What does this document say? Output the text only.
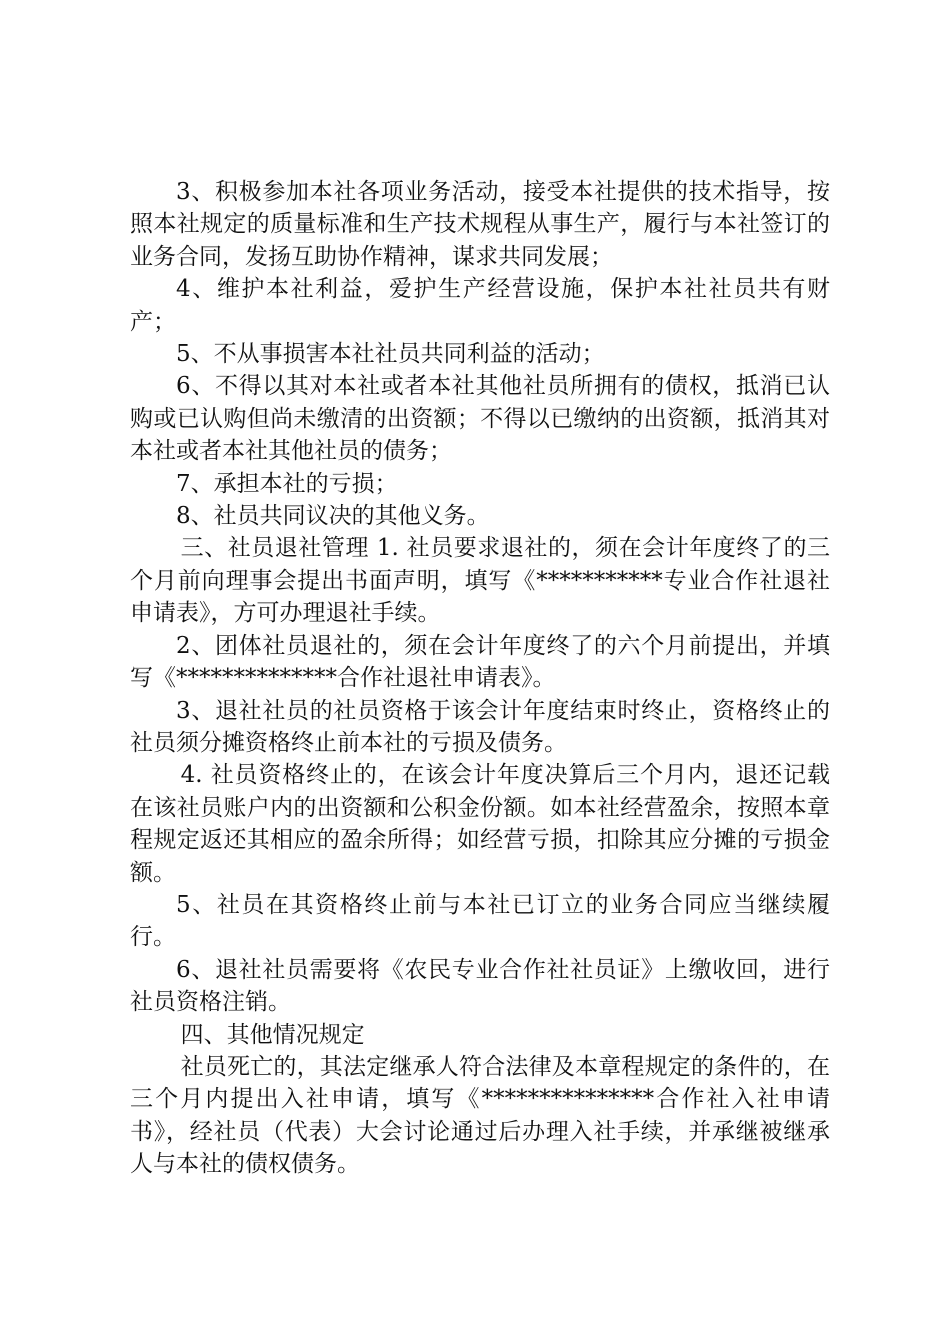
3、积极参加本社各项业务活动，接受本社提供的技术指导，按照本社规定的质量标准和生产技术规程从事生产，履行与本社签订的业务合同，发扬互助协作精神，谋求共同发展；

4、维护本社利益，爱护生产经营设施，保护本社社员共有财产；

5、不从事损害本社社员共同利益的活动；

6、不得以其对本社或者本社其他社员所拥有的债权，抵消已认购或已认购但尚未缴清的出资额；不得以已缴纳的出资额，抵消其对本社或者本社其他社员的债务；

7、承担本社的亏损；

8、社员共同议决的其他义务。

三、社员退社管理 1. 社员要求退社的，须在会计年度终了的三个月前向理事会提出书面声明，填写《***********专业合作社退社申请表》，方可办理退社手续。

2、团体社员退社的，须在会计年度终了的六个月前提出，并填写《**************合作社退社申请表》。

3、退社社员的社员资格于该会计年度结束时终止，资格终止的社员须分摊资格终止前本社的亏损及债务。

4. 社员资格终止的，在该会计年度决算后三个月内，退还记载在该社员账户内的出资额和公积金份额。如本社经营盈余，按照本章程规定返还其相应的盈余所得；如经营亏损，扣除其应分摊的亏损金额。

5、社员在其资格终止前与本社已订立的业务合同应当继续履行。

6、退社社员需要将《农民专业合作社社员证》上缴收回，进行社员资格注销。

四、其他情况规定

社员死亡的，其法定继承人符合法律及本章程规定的条件的，在三个月内提出入社申请，填写《***************合作社入社申请书》，经社员（代表）大会讨论通过后办理入社手续，并承继被继承人与本社的债权债务。
